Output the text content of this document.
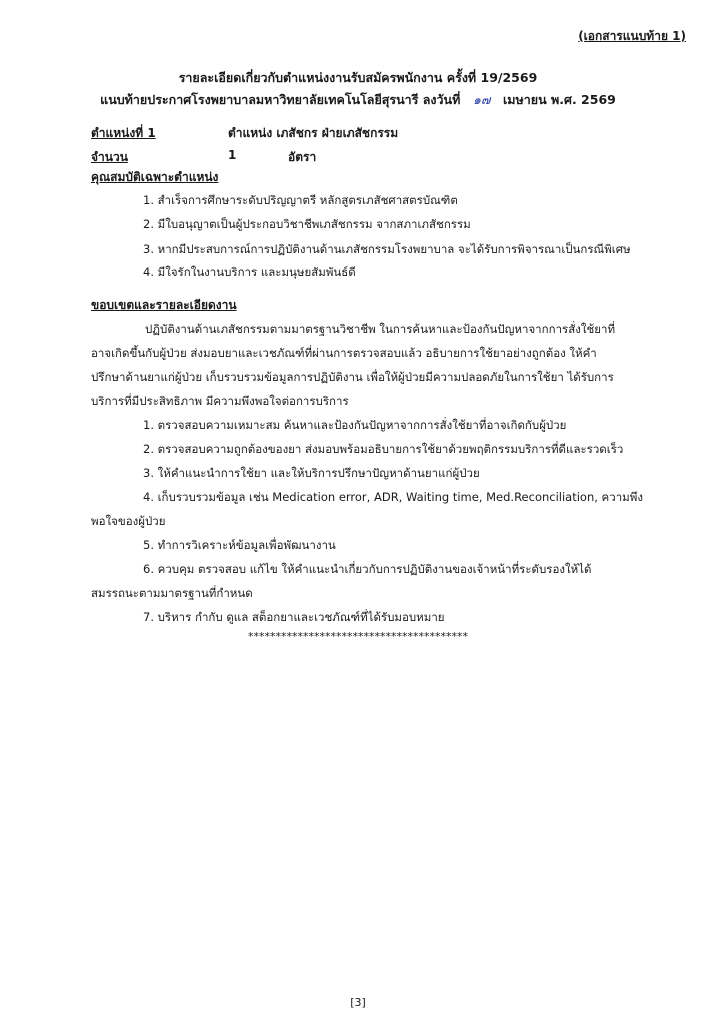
(เอกสารแนบท้าย 1)
รายละเอียดเกี่ยวกับตำแหน่งงานรับสมัครพนักงาน ครั้งที่ 19/2569
แนบท้ายประกาศโรงพยาบาลมหาวิทยาลัยเทคโนโลยีสุรนารี ลงวันที่ ๑๗ เมษายน พ.ศ. 2569
ตำแหน่งที่ 1	ตำแหน่ง เภสัชกร ฝ่ายเภสัชกรรม
จำนวน	1	อัตรา
คุณสมบัติเฉพาะตำแหน่ง
1. สำเร็จการศึกษาระดับปริญญาตรี หลักสูตรเภสัชศาสตรบัณฑิต
2. มีใบอนุญาตเป็นผู้ประกอบวิชาชีพเภสัชกรรม จากสภาเภสัชกรรม
3. หากมีประสบการณ์การปฏิบัติงานด้านเภสัชกรรมโรงพยาบาล จะได้รับการพิจารณาเป็นกรณีพิเศษ
4. มีใจรักในงานบริการ และมนุษยสัมพันธ์ดี
ขอบเขตและรายละเอียดงาน
ปฏิบัติงานด้านเภสัชกรรมตามมาตรฐานวิชาชีพ ในการค้นหาและป้องกันปัญหาจากการสั่งใช้ยาที่
อาจเกิดขึ้นกับผู้ป่วย ส่งมอบยาและเวชภัณฑ์ที่ผ่านการตรวจสอบแล้ว อธิบายการใช้ยาอย่างถูกต้อง ให้คำ
ปรึกษาด้านยาแก่ผู้ป่วย เก็บรวบรวมข้อมูลการปฏิบัติงาน เพื่อให้ผู้ป่วยมีความปลอดภัยในการใช้ยา ได้รับการ
บริการที่มีประสิทธิภาพ มีความพึงพอใจต่อการบริการ
1. ตรวจสอบความเหมาะสม ค้นหาและป้องกันปัญหาจากการสั่งใช้ยาที่อาจเกิดกับผู้ป่วย
2. ตรวจสอบความถูกต้องของยา ส่งมอบพร้อมอธิบายการใช้ยาด้วยพฤติกรรมบริการที่ดีและรวดเร็ว
3. ให้คำแนะนำการใช้ยา และให้บริการปรึกษาปัญหาด้านยาแก่ผู้ป่วย
4. เก็บรวบรวมข้อมูล เช่น Medication error, ADR, Waiting time, Med.Reconciliation, ความพึง
พอใจของผู้ป่วย
5. ทำการวิเคราะห์ข้อมูลเพื่อพัฒนางาน
6. ควบคุม ตรวจสอบ แก้ไข ให้คำแนะนำเกี่ยวกับการปฏิบัติงานของเจ้าหน้าที่ระดับรองให้ได้
สมรรถนะตามมาตรฐานที่กำหนด
7. บริหาร กำกับ ดูแล สต็อกยาและเวชภัณฑ์ที่ได้รับมอบหมาย
****************************************
[3]
